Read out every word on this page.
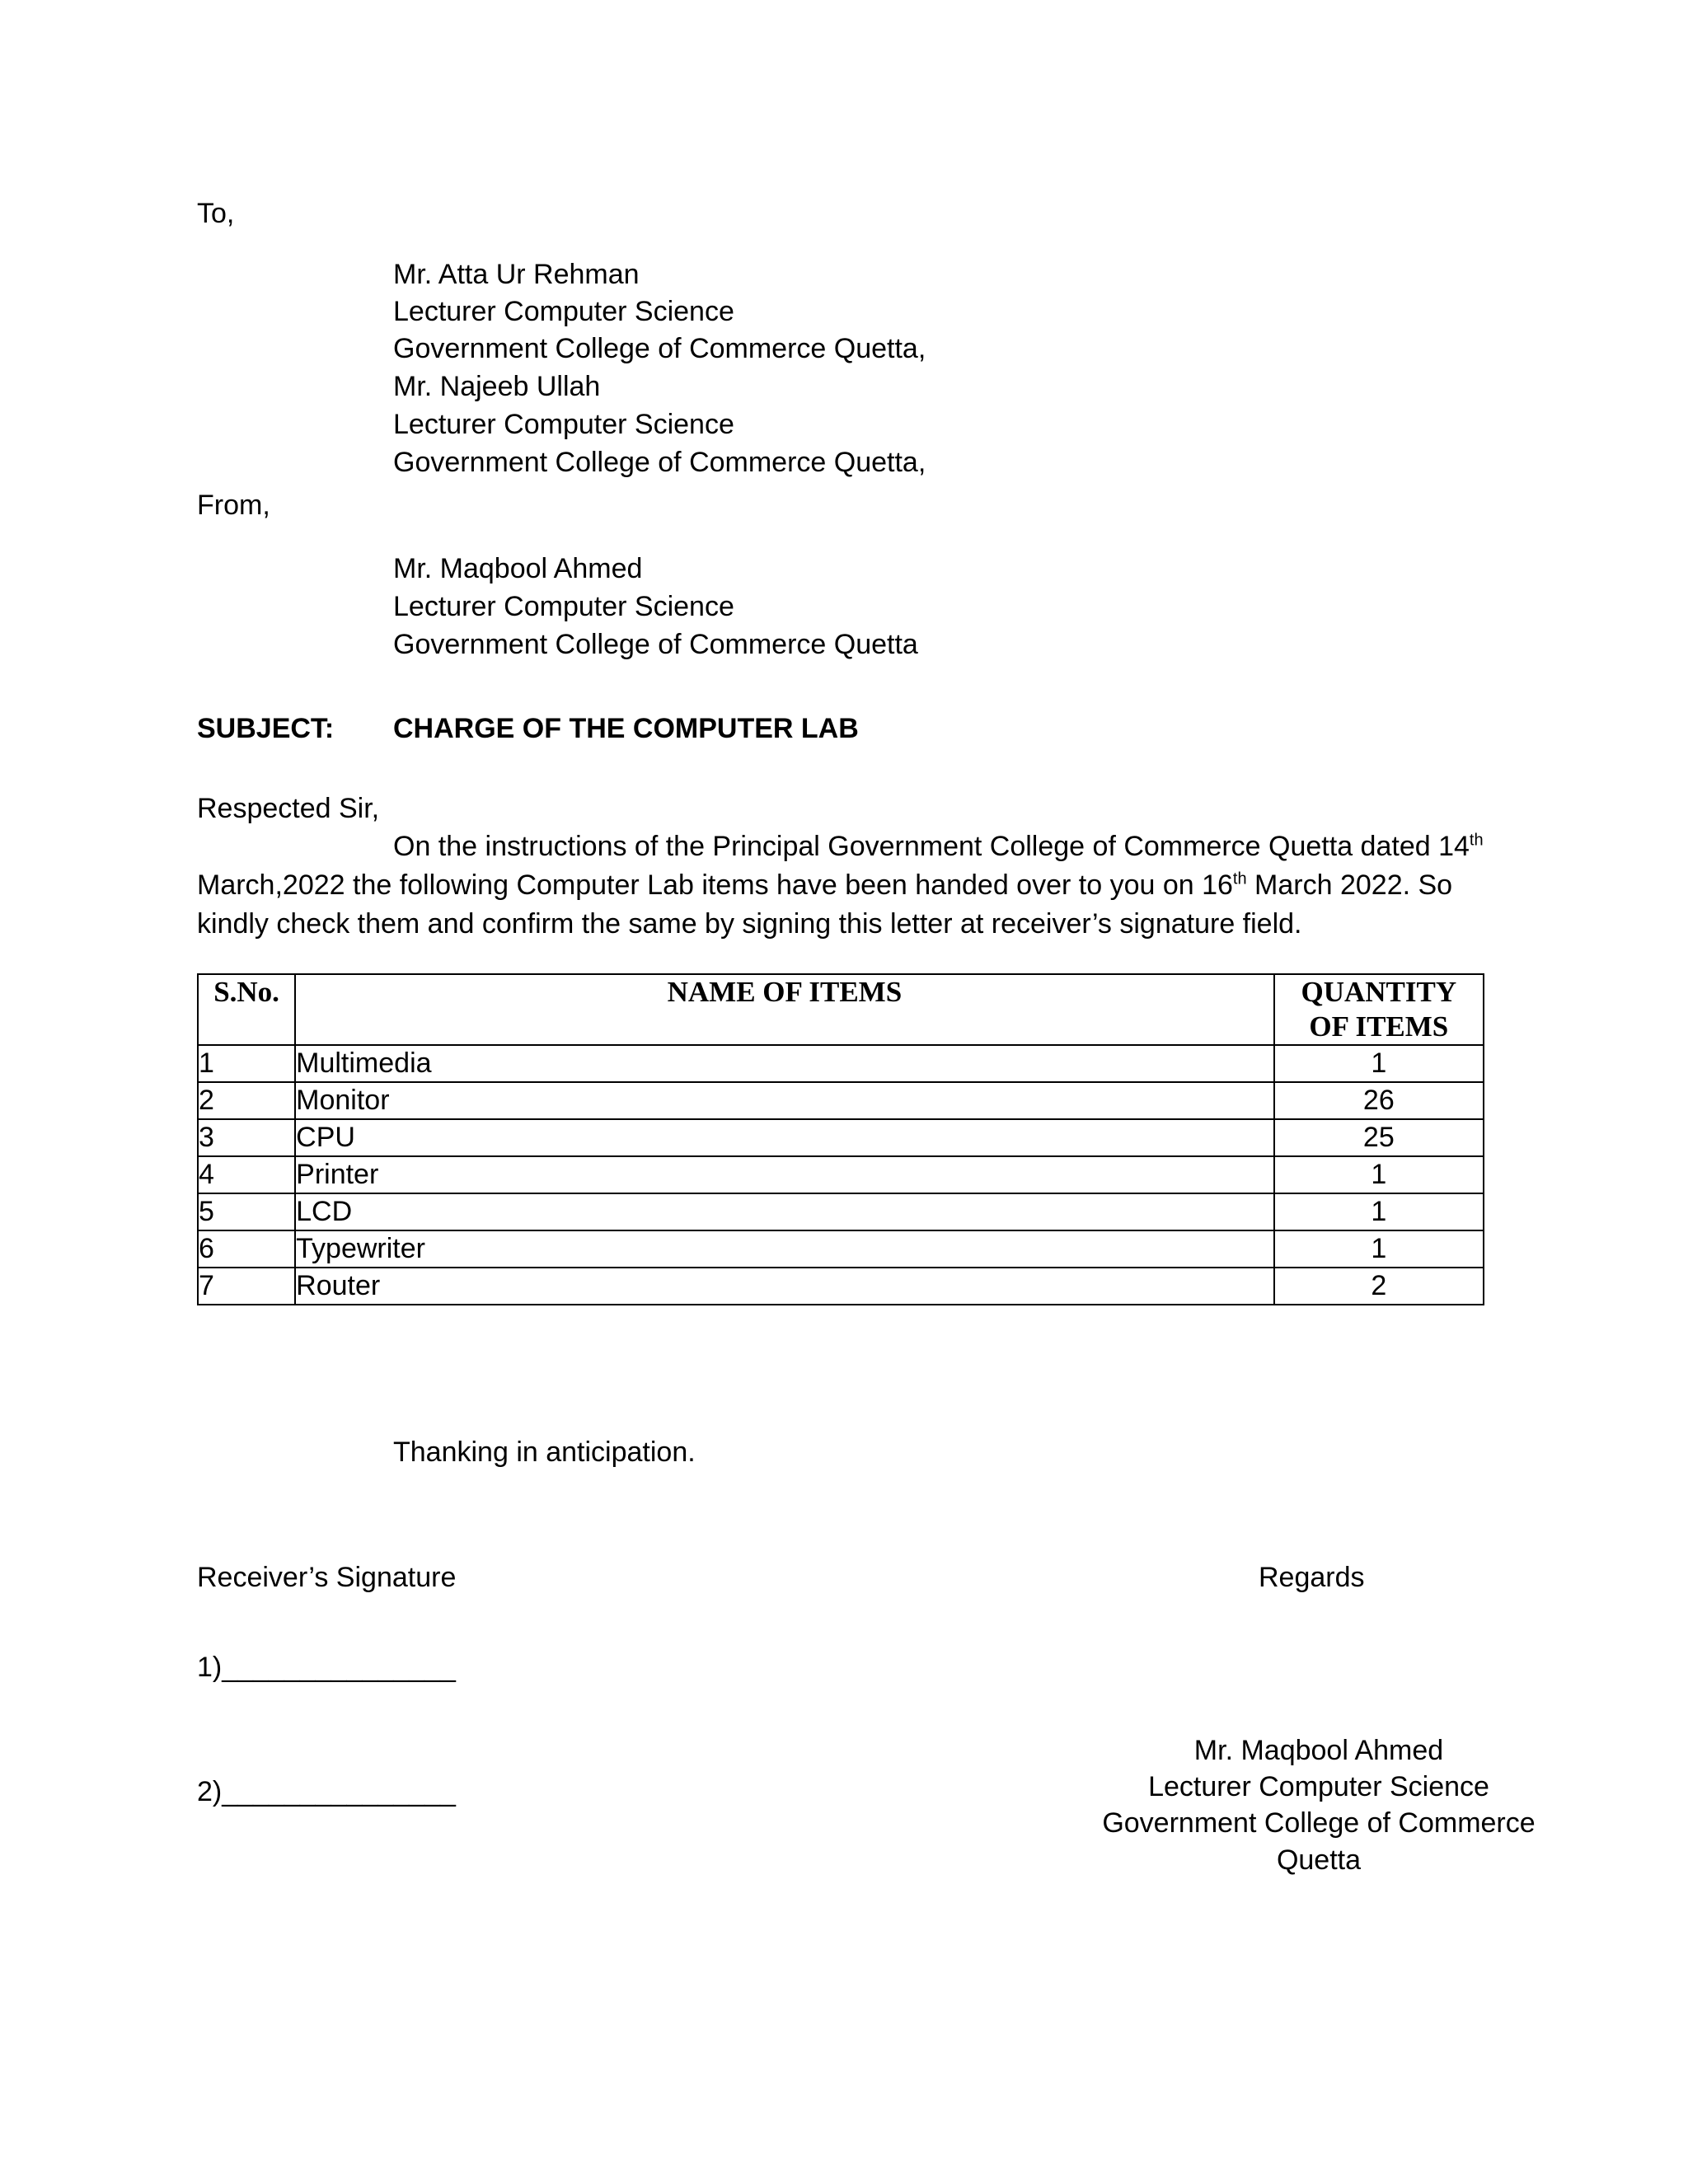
To,
Mr. Atta Ur Rehman
Lecturer Computer Science
Government College of Commerce Quetta,
Mr. Najeeb Ullah
Lecturer Computer Science
Government College of Commerce Quetta,
From,
Mr. Maqbool Ahmed
Lecturer Computer Science
Government College of Commerce Quetta
SUBJECT: CHARGE OF THE COMPUTER LAB
Respected Sir,
On the instructions of the Principal Government College of Commerce Quetta dated 14th
March,2022 the following Computer Lab items have been handed over to you on 16th March 2022. So
kindly check them and confirm the same by signing this letter at receiver’s signature field.
S.No.	NAME OF ITEMS	QUANTITY
OF ITEMS
1	Multimedia	1
2	Monitor	26
3	CPU	25
4	Printer	1
5	LCD	1
6	Typewriter	1
7	Router	2
Thanking in anticipation.
Receiver’s Signature
1)_______________
2)_______________
Regards
Mr. Maqbool Ahmed
Lecturer Computer Science
Government College of Commerce
Quetta
